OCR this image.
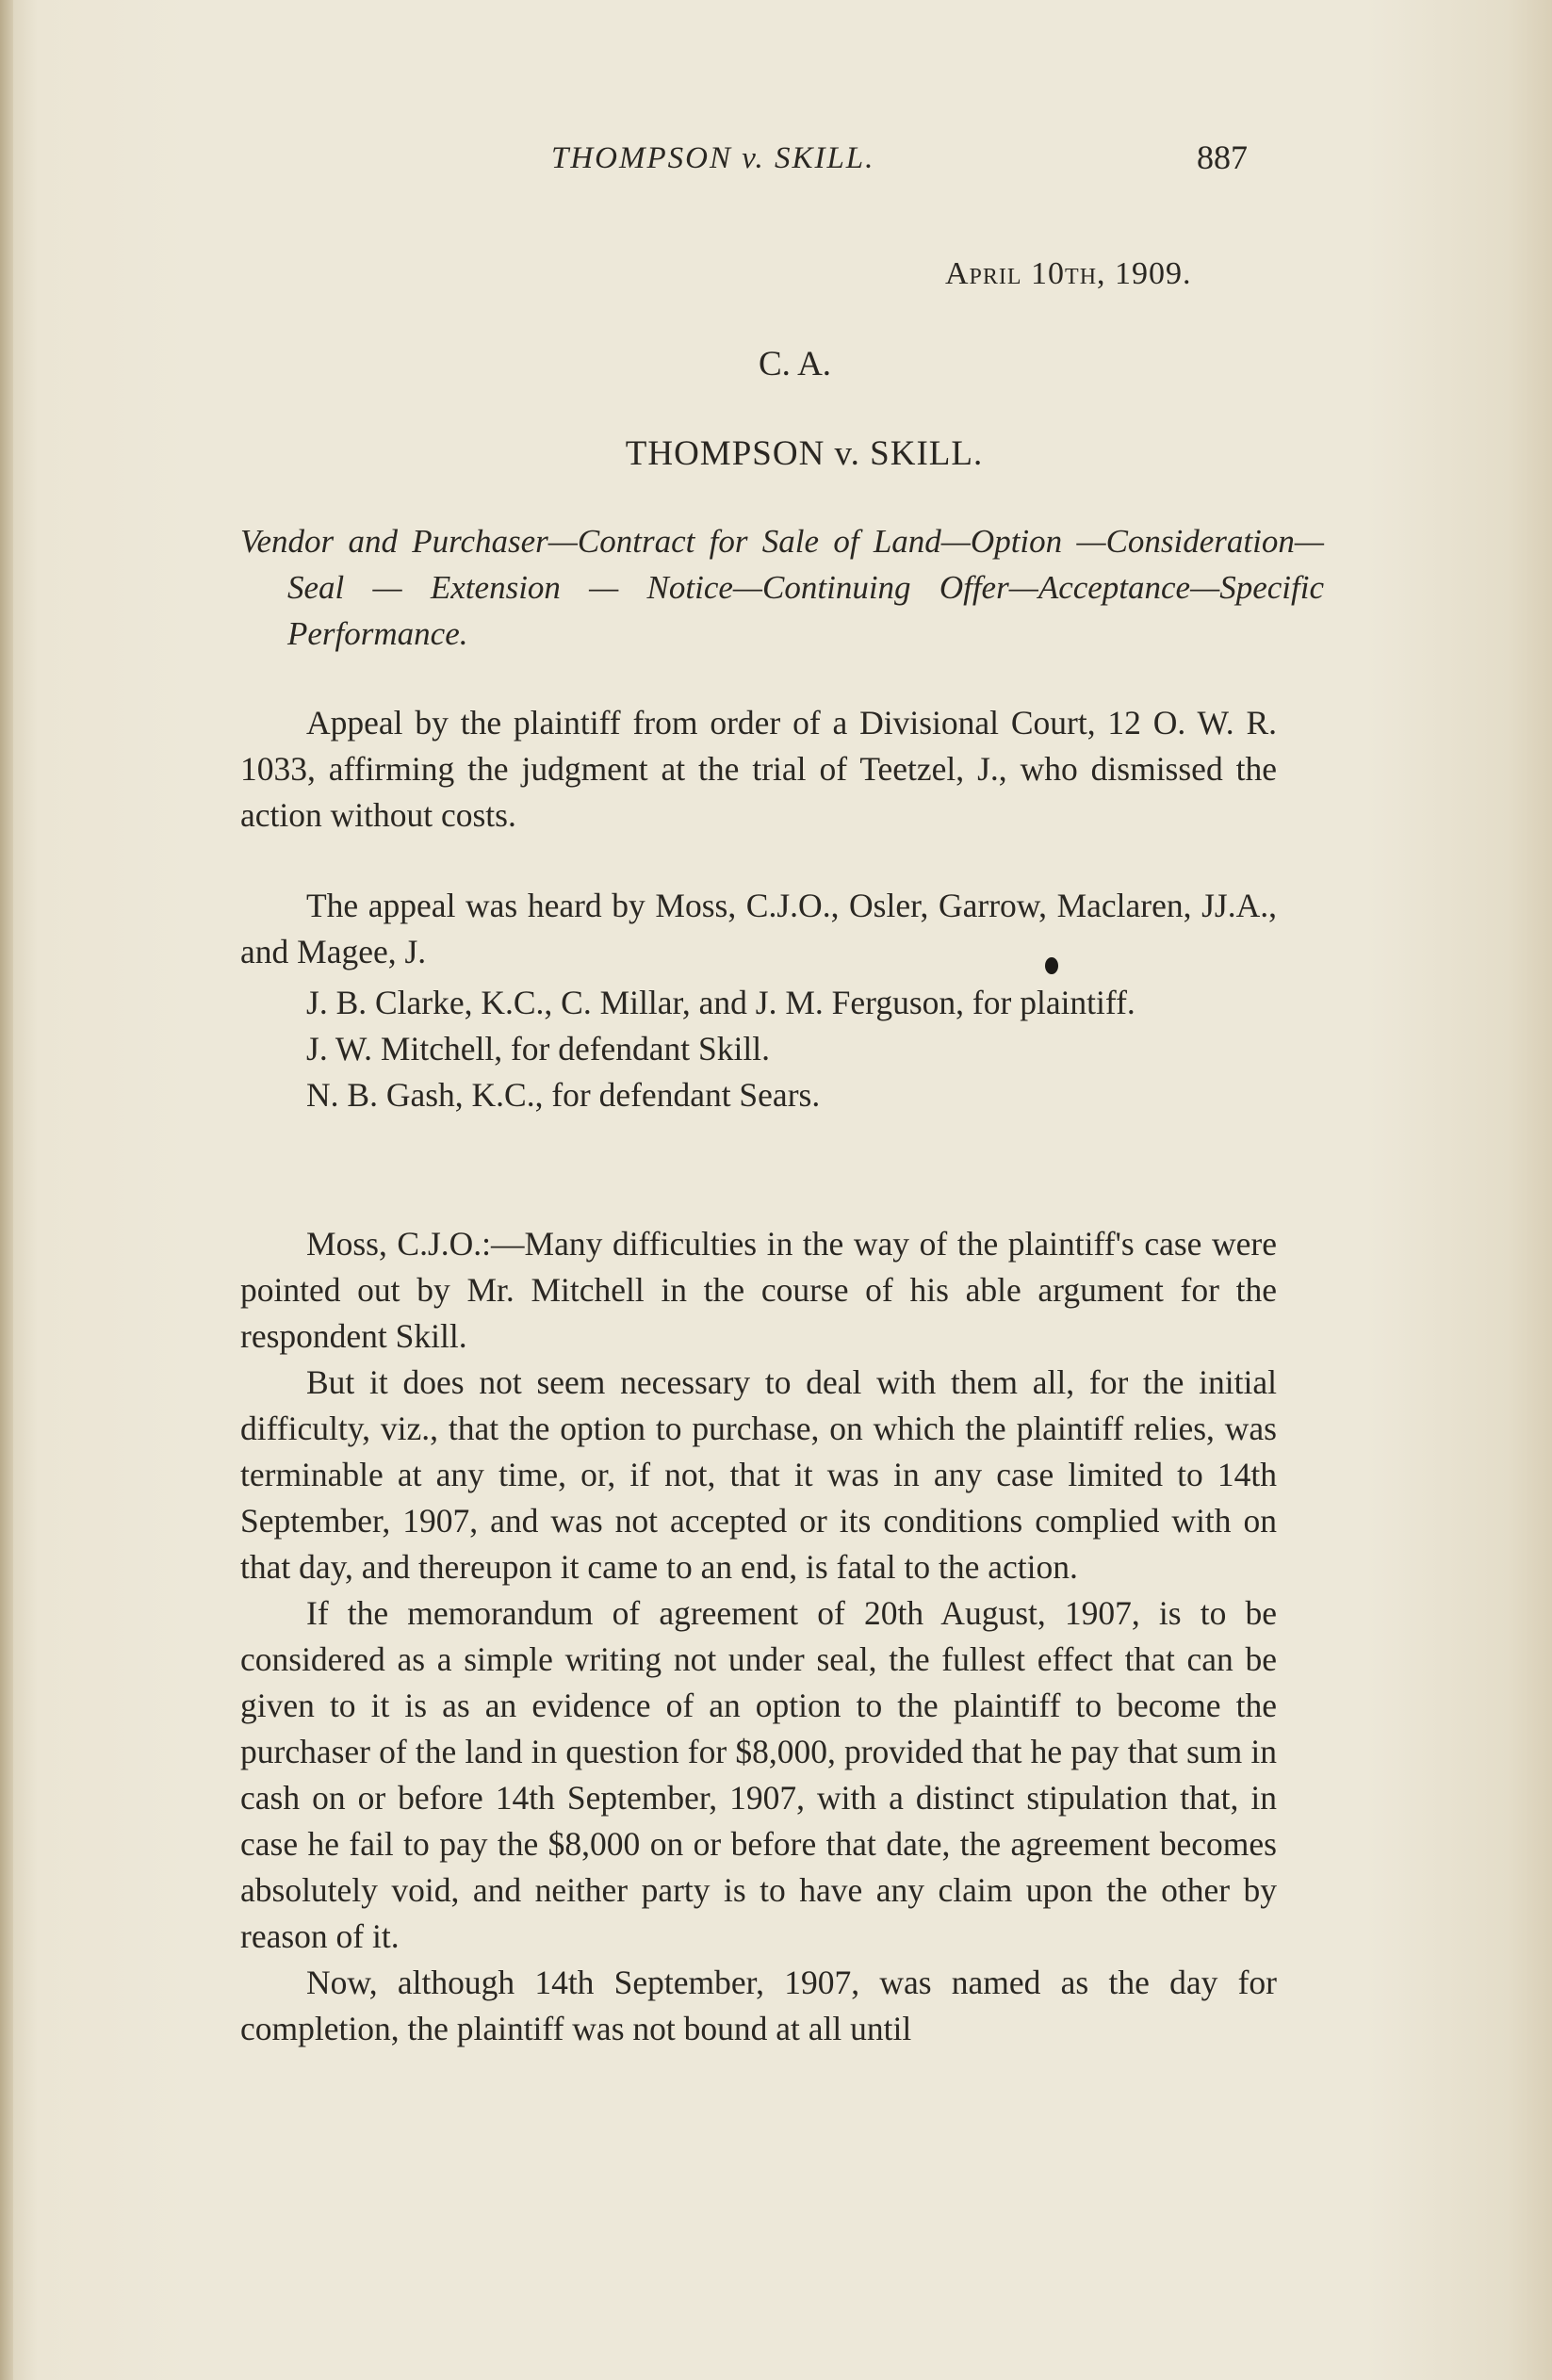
THOMPSON v. SKILL.	887
April 10th, 1909.
C. A.
THOMPSON v. SKILL.
Vendor and Purchaser—Contract for Sale of Land—Option —Consideration—Seal — Extension — Notice—Continuing Offer—Acceptance—Specific Performance.

Appeal by the plaintiff from order of a Divisional Court, 12 O. W. R. 1033, affirming the judgment at the trial of Teetzel, J., who dismissed the action without costs.

The appeal was heard by Moss, C.J.O., Osler, Garrow, Maclaren, JJ.A., and Magee, J.

J. B. Clarke, K.C., C. Millar, and J. M. Ferguson, for plaintiff.

J. W. Mitchell, for defendant Skill.

N. B. Gash, K.C., for defendant Sears.

Moss, C.J.O.:—Many difficulties in the way of the plaintiff's case were pointed out by Mr. Mitchell in the course of his able argument for the respondent Skill.

But it does not seem necessary to deal with them all, for the initial difficulty, viz., that the option to purchase, on which the plaintiff relies, was terminable at any time, or, if not, that it was in any case limited to 14th September, 1907, and was not accepted or its conditions complied with on that day, and thereupon it came to an end, is fatal to the action.

If the memorandum of agreement of 20th August, 1907, is to be considered as a simple writing not under seal, the fullest effect that can be given to it is as an evidence of an option to the plaintiff to become the purchaser of the land in question for $8,000, provided that he pay that sum in cash on or before 14th September, 1907, with a distinct stipulation that, in case he fail to pay the $8,000 on or before that date, the agreement becomes absolutely void, and neither party is to have any claim upon the other by reason of it.

Now, although 14th September, 1907, was named as the day for completion, the plaintiff was not bound at all until
